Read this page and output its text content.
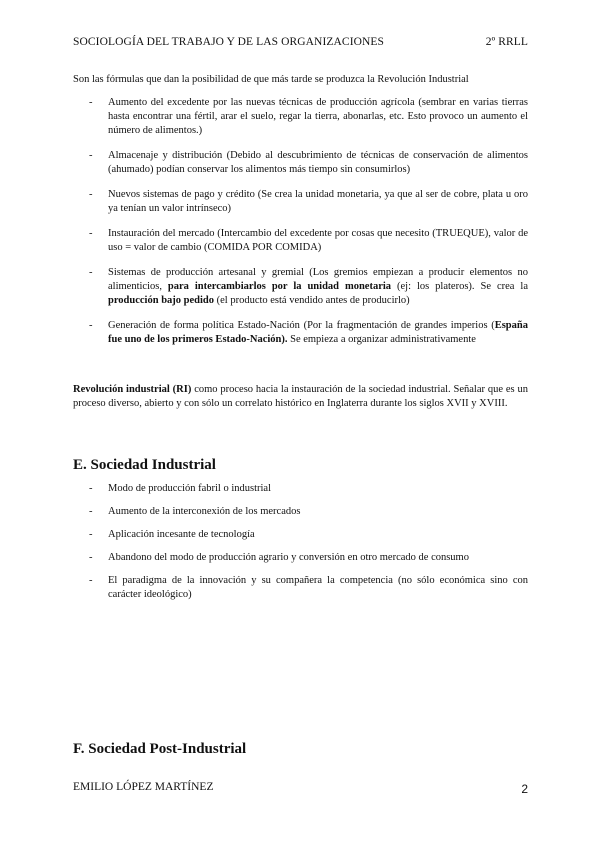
SOCIOLOGÍA DEL TRABAJO Y DE LAS ORGANIZACIONES	2º RRLL
Son las fórmulas que dan la posibilidad de que más tarde se produzca la Revolución Industrial
- Aumento del excedente por las nuevas técnicas de producción agrícola (sembrar en varias tierras hasta encontrar una fértil, arar el suelo, regar la tierra, abonarlas, etc. Esto provoco un aumento el número de alimentos.)
- Almacenaje y distribución (Debido al descubrimiento de técnicas de conservación de alimentos (ahumado) podían conservar los alimentos más tiempo sin consumirlos)
- Nuevos sistemas de pago y crédito (Se crea la unidad monetaria, ya que al ser de cobre, plata u oro ya tenían un valor intrínseco)
- Instauración del mercado (Intercambio del excedente por cosas que necesito (TRUEQUE), valor de uso = valor de cambio (COMIDA POR COMIDA)
- Sistemas de producción artesanal y gremial (Los gremios empiezan a producir elementos no alimenticios, para intercambiarlos por la unidad monetaria (ej: los plateros). Se crea la producción bajo pedido (el producto está vendido antes de producirlo)
- Generación de forma política Estado-Nación (Por la fragmentación de grandes imperios (España fue uno de los primeros Estado-Nación). Se empieza a organizar administrativamente
Revolución industrial (RI) como proceso hacia la instauración de la sociedad industrial. Señalar que es un proceso diverso, abierto y con sólo un correlato histórico en Inglaterra durante los siglos XVII y XVIII.
E. Sociedad Industrial
- Modo de producción fabril o industrial
- Aumento de la interconexión de los mercados
- Aplicación incesante de tecnología
- Abandono del modo de producción agrario y conversión en otro mercado de consumo
- El paradigma de la innovación y su compañera la competencia (no sólo económica sino con carácter ideológico)
F. Sociedad Post-Industrial
EMILIO LÓPEZ MARTÍNEZ	2
